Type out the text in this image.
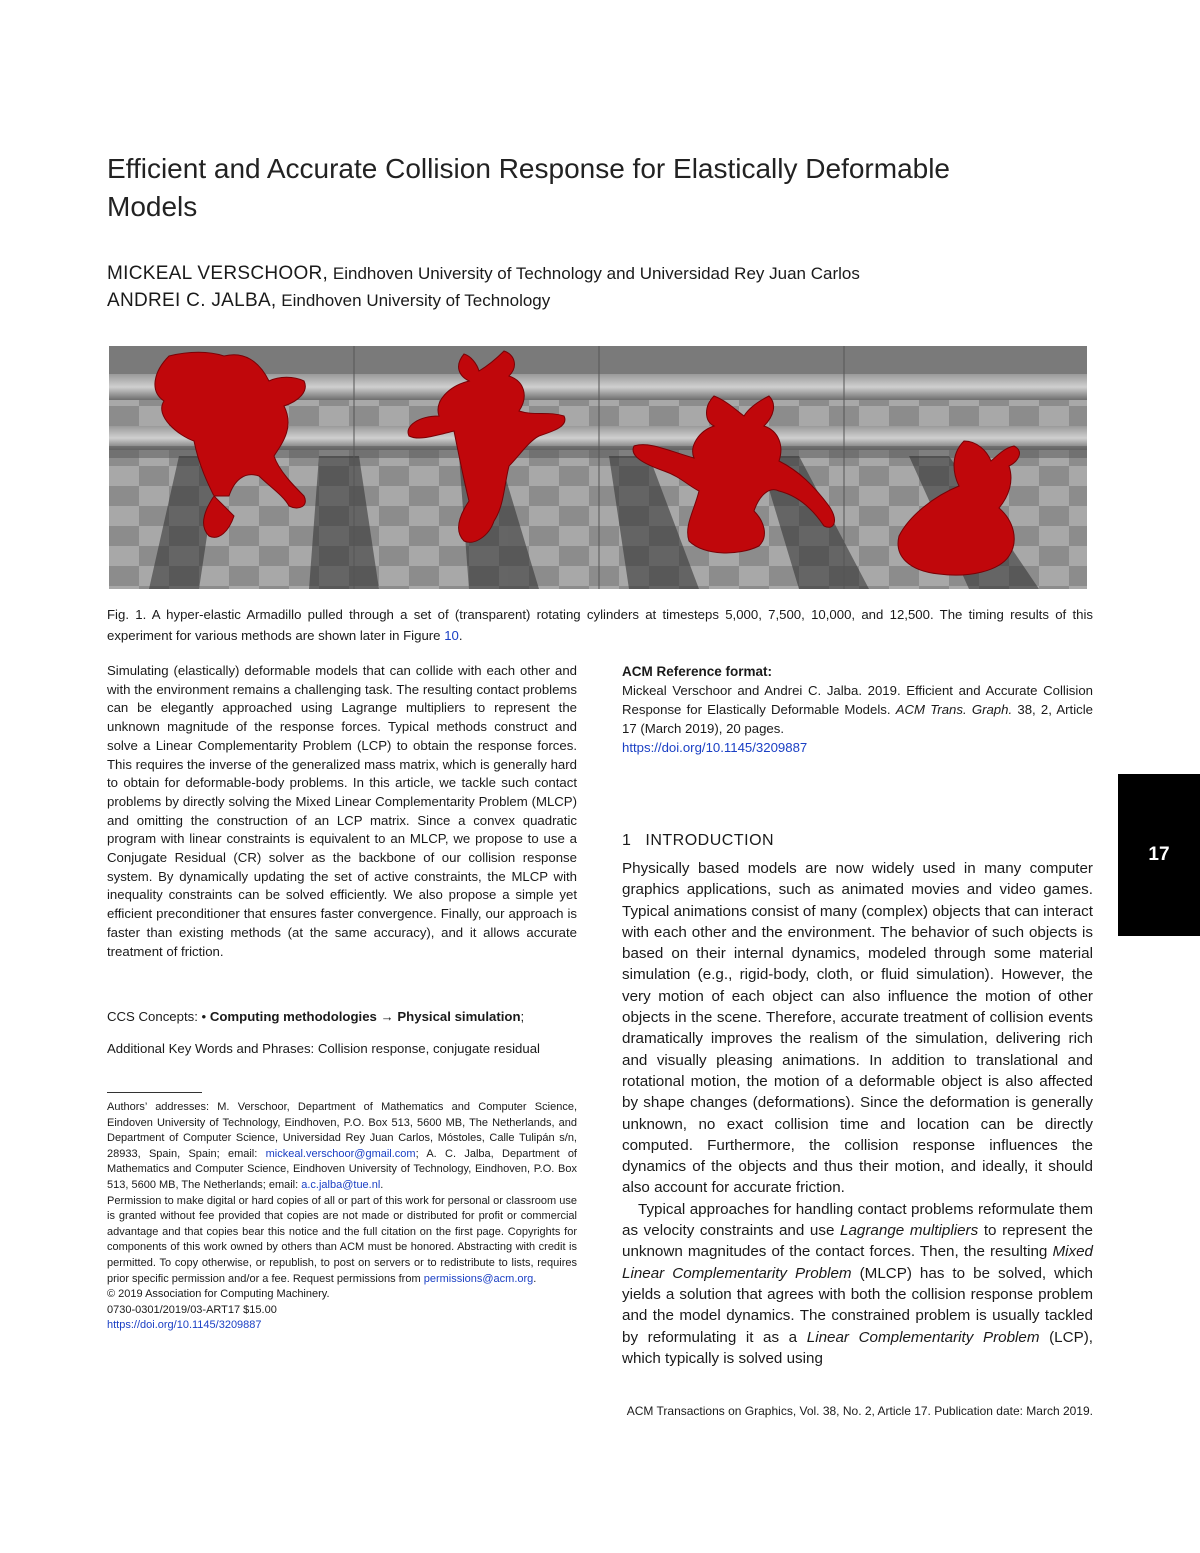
Efficient and Accurate Collision Response for Elastically Deformable Models

MICKEAL VERSCHOOR, Eindhoven University of Technology and Universidad Rey Juan Carlos

ANDREI C. JALBA, Eindhoven University of Technology

Fig. 1. A hyper-elastic Armadillo pulled through a set of (transparent) rotating cylinders at timesteps 5,000, 7,500, 10,000, and 12,500. The timing results of this experiment for various methods are shown later in Figure 10.

Simulating (elastically) deformable models that can collide with each other and with the environment remains a challenging task. The resulting contact problems can be elegantly approached using Lagrange multipliers to represent the unknown magnitude of the response forces. Typical methods construct and solve a Linear Complementarity Problem (LCP) to obtain the response forces. This requires the inverse of the generalized mass matrix, which is generally hard to obtain for deformable-body problems. In this article, we tackle such contact problems by directly solving the Mixed Linear Complementarity Problem (MLCP) and omitting the construction of an LCP matrix. Since a convex quadratic program with linear constraints is equivalent to an MLCP, we propose to use a Conjugate Residual (CR) solver as the backbone of our collision response system. By dynamically updating the set of active constraints, the MLCP with inequality constraints can be solved efficiently. We also propose a simple yet efficient preconditioner that ensures faster convergence. Finally, our approach is faster than existing methods (at the same accuracy), and it allows accurate treatment of friction.

CCS Concepts: • Computing methodologies → Physical simulation;

Additional Key Words and Phrases: Collision response, conjugate residual

Authors’ addresses: M. Verschoor, Department of Mathematics and Computer Science, Eindoven University of Technology, Eindhoven, P.O. Box 513, 5600 MB, The Netherlands, and Department of Computer Science, Universidad Rey Juan Carlos, Móstoles, Calle Tulipán s/n, 28933, Spain, Spain; email: mickeal.verschoor@gmail.com; A. C. Jalba, Department of Mathematics and Computer Science, Eindhoven University of Technology, Eindhoven, P.O. Box 513, 5600 MB, The Netherlands; email: a.c.jalba@tue.nl.

Permission to make digital or hard copies of all or part of this work for personal or classroom use is granted without fee provided that copies are not made or distributed for profit or commercial advantage and that copies bear this notice and the full citation on the first page. Copyrights for components of this work owned by others than ACM must be honored. Abstracting with credit is permitted. To copy otherwise, or republish, to post on servers or to redistribute to lists, requires prior specific permission and/or a fee. Request permissions from permissions@acm.org.

© 2019 Association for Computing Machinery.

0730-0301/2019/03-ART17 $15.00

https://doi.org/10.1145/3209887

ACM Reference format:

Mickeal Verschoor and Andrei C. Jalba. 2019. Efficient and Accurate Collision Response for Elastically Deformable Models. ACM Trans. Graph. 38, 2, Article 17 (March 2019), 20 pages.
https://doi.org/10.1145/3209887

1 INTRODUCTION

Physically based models are now widely used in many computer graphics applications, such as animated movies and video games. Typical animations consist of many (complex) objects that can interact with each other and the environment. The behavior of such objects is based on their internal dynamics, modeled through some material simulation (e.g., rigid-body, cloth, or fluid simulation). However, the very motion of each object can also influence the motion of other objects in the scene. Therefore, accurate treatment of collision events dramatically improves the realism of the simulation, delivering rich and visually pleasing animations. In addition to translational and rotational motion, the motion of a deformable object is also affected by shape changes (deformations). Since the deformation is generally unknown, no exact collision time and location can be directly computed. Furthermore, the collision response influences the dynamics of the objects and thus their motion, and ideally, it should also account for accurate friction.

Typical approaches for handling contact problems reformulate them as velocity constraints and use Lagrange multipliers to represent the unknown magnitudes of the contact forces. Then, the resulting Mixed Linear Complementarity Problem (MLCP) has to be solved, which yields a solution that agrees with both the collision response problem and the model dynamics. The constrained problem is usually tackled by reformulating it as a Linear Complementarity Problem (LCP), which typically is solved using

17
ACM Transactions on Graphics, Vol. 38, No. 2, Article 17. Publication date: March 2019.
